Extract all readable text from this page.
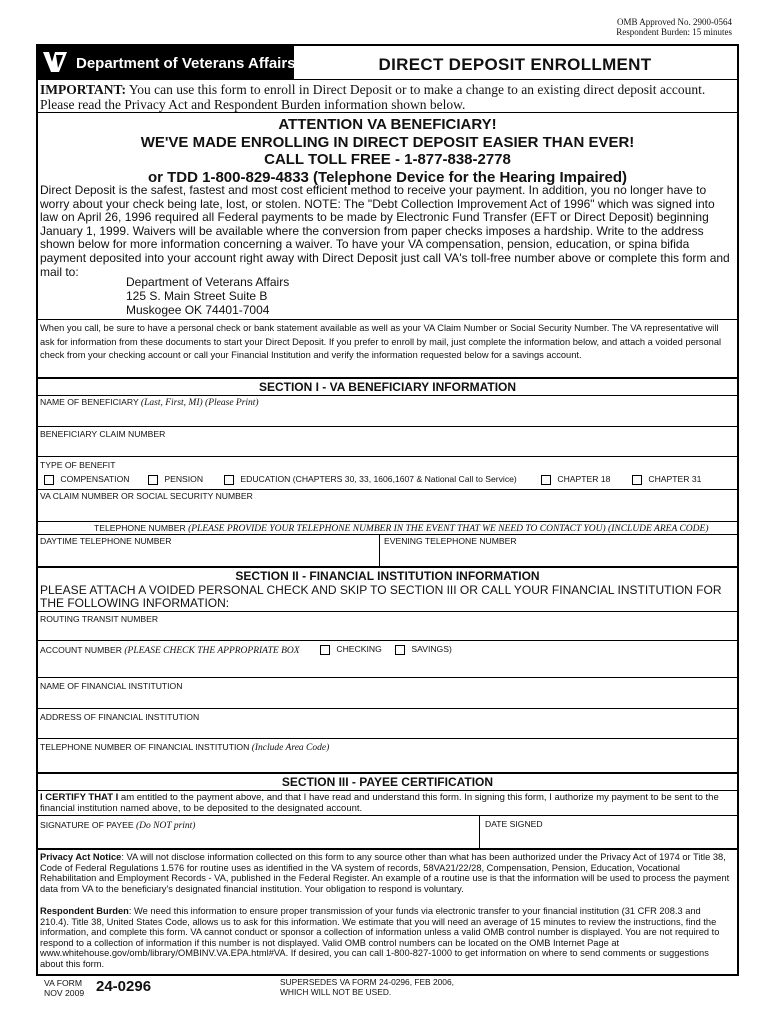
OMB Approved No. 2900-0564
Respondent Burden: 15 minutes
Department of Veterans Affairs	DIRECT DEPOSIT ENROLLMENT
IMPORTANT: You can use this form to enroll in Direct Deposit or to make a change to an existing direct deposit account. Please read the Privacy Act and Respondent Burden information shown below.
ATTENTION VA BENEFICIARY!
WE'VE MADE ENROLLING IN DIRECT DEPOSIT EASIER THAN EVER!
CALL TOLL FREE - 1-877-838-2778
or TDD 1-800-829-4833 (Telephone Device for the Hearing Impaired)
Direct Deposit is the safest, fastest and most cost efficient method to receive your payment. In addition, you no longer have to worry about your check being late, lost, or stolen. NOTE: The "Debt Collection Improvement Act of 1996" which was signed into law on April 26, 1996 required all Federal payments to be made by Electronic Fund Transfer (EFT or Direct Deposit) beginning January 1, 1999. Waivers will be available where the conversion from paper checks imposes a hardship. Write to the address shown below for more information concerning a waiver. To have your VA compensation, pension, education, or spina bifida payment deposited into your account right away with Direct Deposit just call VA's toll-free number above or complete this form and mail to:
Department of Veterans Affairs
125 S. Main Street Suite B
Muskogee OK 74401-7004
When you call, be sure to have a personal check or bank statement available as well as your VA Claim Number or Social Security Number. The VA representative will ask for information from these documents to start your Direct Deposit. If you prefer to enroll by mail, just complete the information below, and attach a voided personal check from your checking account or call your Financial Institution and verify the information requested below for a savings account.
SECTION I - VA BENEFICIARY INFORMATION
NAME OF BENEFICIARY (Last, First, MI) (Please Print)
BENEFICIARY CLAIM NUMBER
TYPE OF BENEFIT
COMPENSATION	PENSION	EDUCATION (CHAPTERS 30, 33, 1606,1607 & National Call to Service)	CHAPTER 18	CHAPTER 31
VA CLAIM NUMBER OR SOCIAL SECURITY NUMBER
TELEPHONE NUMBER (PLEASE PROVIDE YOUR TELEPHONE NUMBER IN THE EVENT THAT WE NEED TO CONTACT YOU) (INCLUDE AREA CODE)
DAYTIME TELEPHONE NUMBER	EVENING TELEPHONE NUMBER
SECTION II - FINANCIAL INSTITUTION INFORMATION
PLEASE ATTACH A VOIDED PERSONAL CHECK AND SKIP TO SECTION III OR CALL YOUR FINANCIAL INSTITUTION FOR THE FOLLOWING INFORMATION:
ROUTING TRANSIT NUMBER
ACCOUNT NUMBER (PLEASE CHECK THE APPROPRIATE BOX	CHECKING	SAVINGS)
NAME OF FINANCIAL INSTITUTION
ADDRESS OF FINANCIAL INSTITUTION
TELEPHONE NUMBER OF FINANCIAL INSTITUTION (Include Area Code)
SECTION III - PAYEE CERTIFICATION
I CERTIFY THAT I am entitled to the payment above, and that I have read and understand this form. In signing this form, I authorize my payment to be sent to the financial institution named above, to be deposited to the designated account.
SIGNATURE OF PAYEE (Do NOT print)	DATE SIGNED
Privacy Act Notice: VA will not disclose information collected on this form to any source other than what has been authorized under the Privacy Act of 1974 or Title 38, Code of Federal Regulations 1.576 for routine uses as identified in the VA system of records, 58VA21/22/28, Compensation, Pension, Education, Vocational Rehabilitation and Employment Records - VA, published in the Federal Register. An example of a routine use is that the information will be used to process the payment data from VA to the beneficiary's designated financial institution. Your obligation to respond is voluntary.
Respondent Burden: We need this information to ensure proper transmission of your funds via electronic transfer to your financial institution (31 CFR 208.3 and 210.4). Title 38, United States Code, allows us to ask for this information. We estimate that you will need an average of 15 minutes to review the instructions, find the information, and complete this form. VA cannot conduct or sponsor a collection of information unless a valid OMB control number is displayed. You are not required to respond to a collection of information if this number is not displayed. Valid OMB control numbers can be located on the OMB Internet Page at www.whitehouse.gov/omb/library/OMBINV.VA.EPA.html#VA. If desired, you can call 1-800-827-1000 to get information on where to send comments or suggestions about this form.
VA FORM
NOV 2009 24-0296	SUPERSEDES VA FORM 24-0296, FEB 2006,
WHICH WILL NOT BE USED.
